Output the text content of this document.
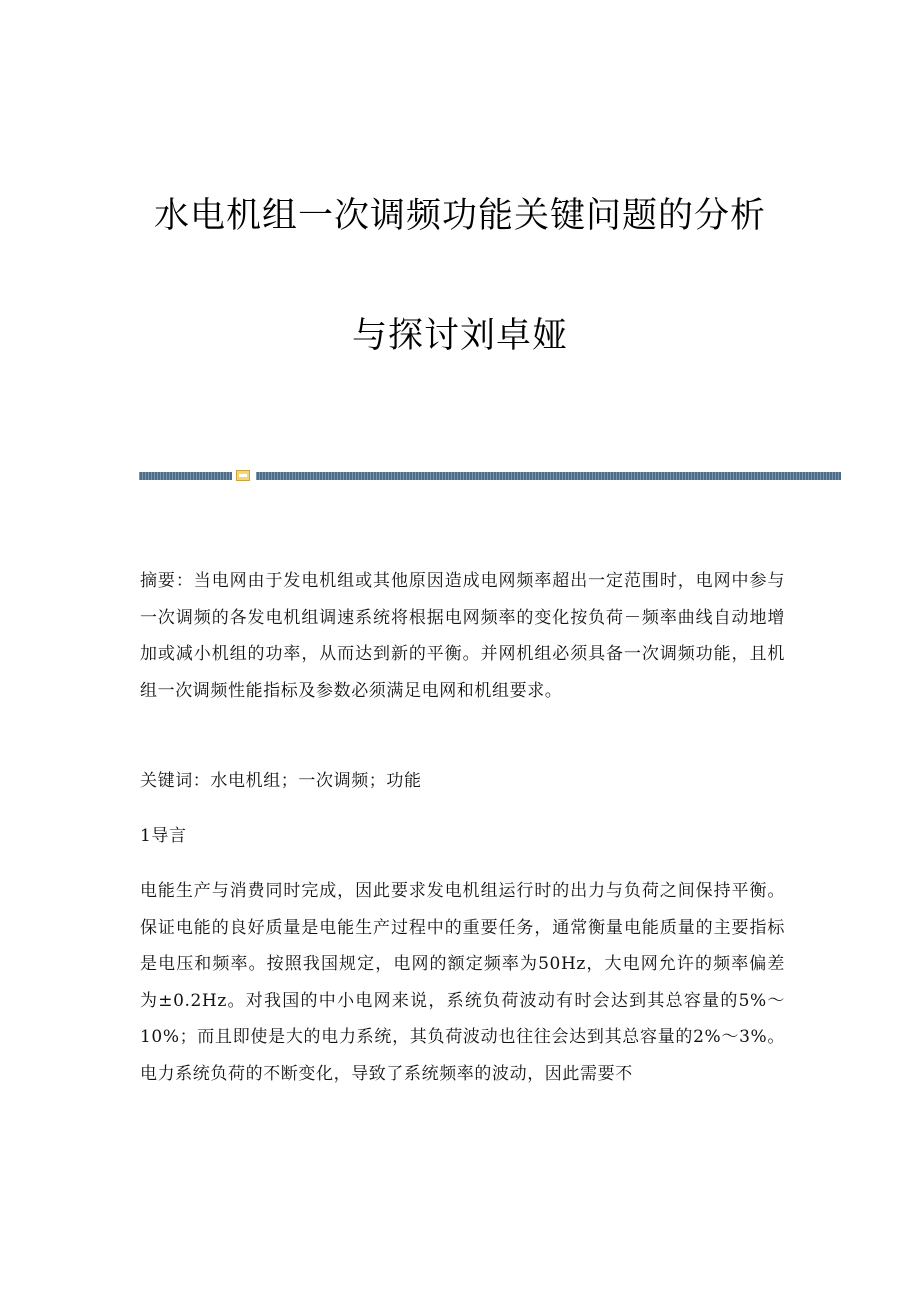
水电机组一次调频功能关键问题的分析
与探讨刘卓娅

摘要：当电网由于发电机组或其他原因造成电网频率超出一定范围时，电网中参与一次调频的各发电机组调速系统将根据电网频率的变化按负荷－频率曲线自动地增加或减小机组的功率，从而达到新的平衡。并网机组必须具备一次调频功能，且机组一次调频性能指标及参数必须满足电网和机组要求。

关键词：水电机组；一次调频；功能

1导言

电能生产与消费同时完成，因此要求发电机组运行时的出力与负荷之间保持平衡。保证电能的良好质量是电能生产过程中的重要任务，通常衡量电能质量的主要指标是电压和频率。按照我国规定，电网的额定频率为50Hz，大电网允许的频率偏差为±0.2Hz。对我国的中小电网来说，系统负荷波动有时会达到其总容量的5%～10%；而且即使是大的电力系统，其负荷波动也往往会达到其总容量的2%～3%。电力系统负荷的不断变化，导致了系统频率的波动，因此需要不
